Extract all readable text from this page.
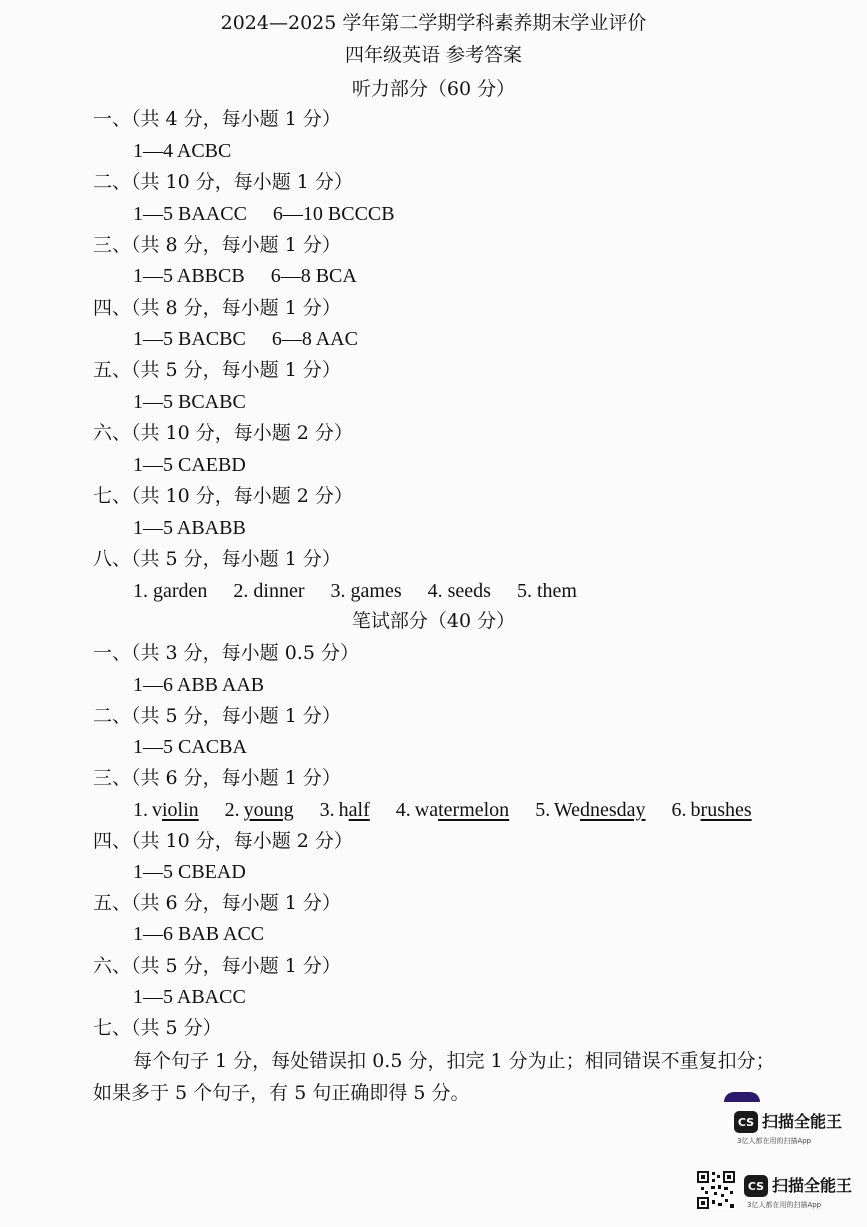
2024—2025 学年第二学期学科素养期末学业评价
四年级英语 参考答案
听力部分（60 分）
一、（共 4 分，每小题 1 分）
1—4 ACBC
二、（共 10 分，每小题 1 分）
1—5 BAACC 6—10 BCCCB
三、（共 8 分，每小题 1 分）
1—5 ABBCB 6—8 BCA
四、（共 8 分，每小题 1 分）
1—5 BACBC 6—8 AAC
五、（共 5 分，每小题 1 分）
1—5 BCABC
六、（共 10 分，每小题 2 分）
1—5 CAEBD
七、（共 10 分，每小题 2 分）
1—5 ABABB
八、（共 5 分，每小题 1 分）
1. garden 2. dinner 3. games 4. seeds 5. them
笔试部分（40 分）
一、（共 3 分，每小题 0.5 分）
1—6 ABB AAB
二、（共 5 分，每小题 1 分）
1—5 CACBA
三、（共 6 分，每小题 1 分）
1. violin 2. young 3. half 4. watermelon 5. Wednesday 6. brushes
四、（共 10 分，每小题 2 分）
1—5 CBEAD
五、（共 6 分，每小题 1 分）
1—6 BAB ACC
六、（共 5 分，每小题 1 分）
1—5 ABACC
七、（共 5 分）
每个句子 1 分，每处错误扣 0.5 分，扣完 1 分为止；相同错误不重复扣分；
如果多于 5 个句子，有 5 句正确即得 5 分。
CS 扫描全能王
3亿人都在用的扫描App
CS 扫描全能王
3亿人都在用的扫描App
